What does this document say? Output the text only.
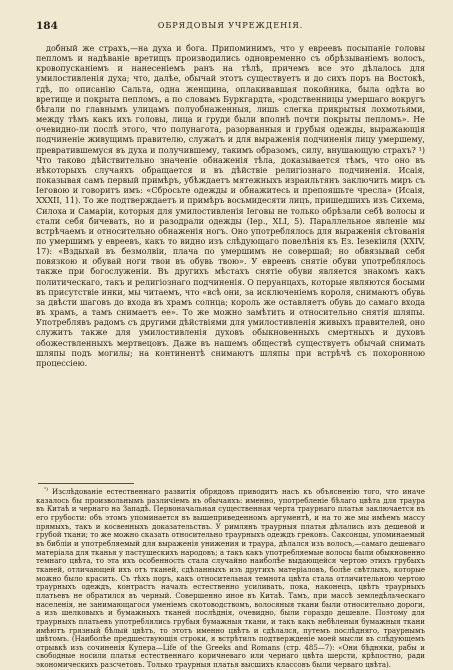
184	ОБРЯДОВЫЯ УЧРЕЖДЕНІЯ.

добный же страхъ,—на духа и бога. Припоминимъ, что у евреевъ посыпаніе головы пепломъ и надѣваніе вретищъ производились одновременно съ обрѣзываніемъ волосъ, кровопусканіемъ и нанесеніемъ ранъ на тѣлѣ, причемъ все это дѣлалось для умилостивленія духа; что, далѣе, обычай этотъ существуетъ и до сихъ поръ на Востокѣ, гдѣ, по описанію Сальта, одна женщина, оплакивавшая покойника, была одѣта во вретище и покрыта пепломъ, а по словамъ Буркгардта, «родственницы умершаго вокругъ бѣгали по главнымъ улицамъ полуобнаженныя, лишь слегка прикрытыя лохмотьями, между тѣмъ какъ ихъ головы, лица и груди были вполнѣ почти покрыты пепломъ». Не очевидно-ли послѣ этого, что полунагота, разорванныя и грубыя одежды, выражающія подчиненіе живущимъ правителю, служатъ и для выраженія подчиненія лицу умершему, превратившемуся въ духа и получившему, такимъ образомъ, силу, внушающую страхъ? ¹) Что таково дѣйствительно значеніе обнаженія тѣла, доказывается тѣмъ, что оно въ нѣкоторыхъ случаяхъ обращается и въ дѣйствіе религіознаго подчиненія. Исаія, показывая самъ первый примѣръ, убѣждаетъ мятежныхъ израильтянъ заключить миръ съ Іеговою и говоритъ имъ: «Сбросьте одежды и обнажитесь и препояшьте чресла» (Исаія, XXXII, 11). То же подтверждаетъ и примѣръ восьмидесяти лицъ, пришедшихъ изъ Сихема, Силоха и Самаріи, которыя для умилостивленія Іеговы не только обрѣзали себѣ волосы и стали себя бичевать, но и разодрали одежды (Іер., XLI, 5). Параллельное явленіе мы встрѣчаемъ и относительно обнаженія ногъ. Оно употреблялось для выраженія сѣтованія по умершимъ у евреевъ, какъ то видно изъ слѣдующаго повелѣнія къ Ез. Іезекіиля (XXIV, 17): «Вздыхай въ безмолвіи, плача по умершимъ не совершай; но обвязывай себя повязкою и обувай ноги твои въ обувь твою». У евреевъ снятіе обуви употреблялось также при богослуженіи. Въ другихъ мѣстахъ снятіе обуви является знакомъ какъ политическаго, такъ и религіознаго подчиненія. О перуанцахъ, которые являются босыми въ присутствіе инки, мы читаемъ, что «всѣ они, за исключеніемъ короля, снимаютъ обувь за двѣсти шаговъ до входа въ храмъ солнца; король же оставляетъ обувь до самаго входа въ храмъ, а тамъ снимаетъ ее». То же можно замѣтить и относительно снятія шляпы. Употреблявъ радомъ съ другими дѣйствіями для умилостивленія живыхъ правителей, оно служитъ также для умилостивленія духовъ обыкновенныхъ смертныхъ и духовъ обожествленныхъ мертвецовъ. Даже въ нашемъ обществѣ существуетъ обычай снимать шляпы подъ могилы; на континентѣ снимаютъ шляпы при встрѣчѣ съ похоронною процессіею.

$^{^1)}$ Изслѣдованіе естественнаго развитія обрядовъ приводитъ насъ къ объясненію того, что иначе казалось бы произвольнымъ различіемъ въ обычаяхъ: именно, употребленіе бѣлаго цвѣта для траура въ Китаѣ и чернаго на Западѣ. Первоначальная существенная черта траурнаго платья заключается въ его грубости: объ этомъ упоминается въ вышеприведенномъ аргументѣ, и на то же мы имѣемъ массу прямыхъ, такъ и косвенныхъ доказательствъ. У римлянъ траурныя платья дѣлались изъ дешевой и грубой ткани; то же можно сказать относительно траурныхъ одеждъ грековъ. Саксонцы, упоминаемый въ библіи и употребляемый для выраженія унижения и траура, дѣлался изъ волосъ,—самаго дешеваго матеріала для тканья у пастушескихъ народовъ; а такъ какъ употребляемые волосы были обыкновенно темнаго цвѣта, то эта ихъ особенность стала случайно наиболѣе выдающейся чертою этихъ грубыхъ тканей, отличающей ихъ отъ тканей, сдѣланныхъ изъ другихъ матеріаловъ, болѣе свѣтлыхъ, которые можно было красить. Съ тѣхъ поръ, какъ относительная темнота цвѣта стала отличительною чертою траурныхъ одеждъ, контрастъ началъ естественно усиливать, пока, наконецъ, цвѣтъ траурныхъ платьевъ не обратился въ черный. Совершенно иное въ Китаѣ. Тамъ, при массѣ земледѣльческаго населенія, не занимающагося уменіемъ скотоводствомъ, волосяныя ткани были относительно дороги, а изъ шелковыхъ и бумажныхъ тканей послѣднія, очевидно, были гораздо дешевле. Поэтому для траурныхъ платьевъ употреблялись грубыя бумажныя ткани, и такъ какъ небѣленыя бумажныя ткани имѣютъ грязный бѣлый цвѣтъ, то этотъ именно цвѣтъ и сдѣлался, путемъ послѣдняго, траурнымъ цвѣтомъ. (Наиболѣе предшествующія строки, я встрѣтилъ подтвержденіе моей мысли въ слѣдующемъ отрывкѣ изъ сочиненія Купера—Life of the Greeks and Romans (стр. 485—7): «Они бѣдняки, рабы и свободные носили платья естественнаго коричневаго или чернаго цвѣта шерсти, крѣпостно, ради экономическихъ разсчетовъ. Только траурныя платья высшихъ классовъ были черваго цвѣта).
